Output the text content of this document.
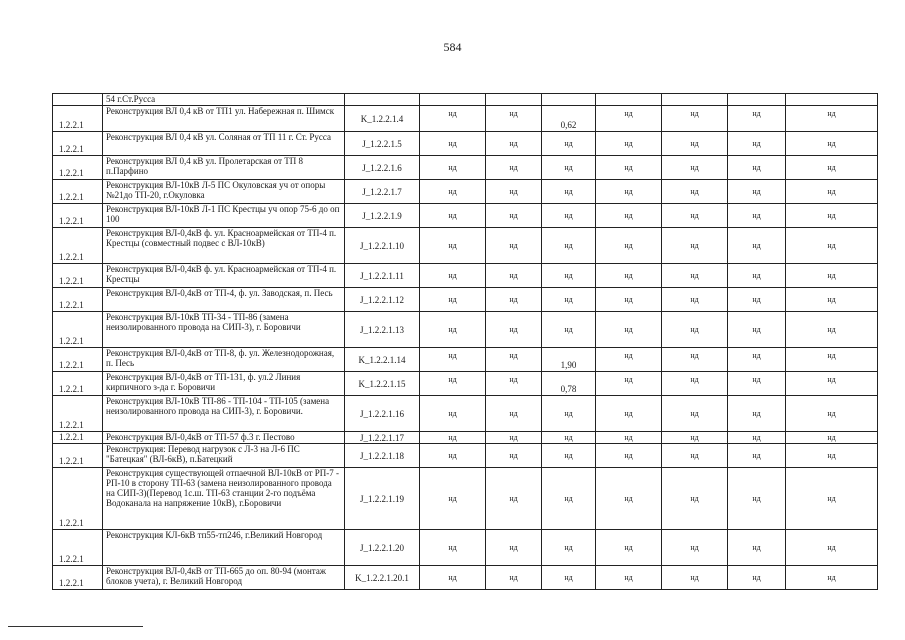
584
	54 г.Ст.Русса								
1.2.2.1	Реконструкция ВЛ 0,4 кВ от ТП1 ул. Набережная п. Шимск	K_1.2.2.1.4	нд	нд	0,62	нд	нд	нд	нд
1.2.2.1	Реконструкция ВЛ 0,4 кВ ул. Соляная от ТП 11 г. Ст. Русса	J_1.2.2.1.5	нд	нд	нд	нд	нд	нд	нд
1.2.2.1	Реконструкция ВЛ 0,4 кВ ул. Пролетарская от ТП 8 п.Парфино	J_1.2.2.1.6	нд	нд	нд	нд	нд	нд	нд
1.2.2.1	Реконструкция ВЛ-10кВ Л-5 ПС Окуловская уч от опоры №21до ТП-20, г.Окуловка	J_1.2.2.1.7	нд	нд	нд	нд	нд	нд	нд
1.2.2.1	Реконструкция ВЛ-10кВ Л-1 ПС Крестцы уч опор 75-6 до оп 100	J_1.2.2.1.9	нд	нд	нд	нд	нд	нд	нд
1.2.2.1	Реконструкция ВЛ-0,4кВ ф. ул. Красноармейская от ТП-4 п. Крестцы (совместный подвес с ВЛ-10кВ)	J_1.2.2.1.10	нд	нд	нд	нд	нд	нд	нд
1.2.2.1	Реконструкция ВЛ-0,4кВ ф. ул. Красноармейская от ТП-4 п. Крестцы	J_1.2.2.1.11	нд	нд	нд	нд	нд	нд	нд
1.2.2.1	Реконструкция ВЛ-0,4кВ от ТП-4, ф. ул. Заводская, п. Песь	J_1.2.2.1.12	нд	нд	нд	нд	нд	нд	нд
1.2.2.1	Реконструкция ВЛ-10кВ ТП-34 - ТП-86 (замена неизолированного провода на СИП-3), г. Боровичи	J_1.2.2.1.13	нд	нд	нд	нд	нд	нд	нд
1.2.2.1	Реконструкция ВЛ-0,4кВ от ТП-8, ф. ул. Железнодорожная, п. Песь	K_1.2.2.1.14	нд	нд	1,90	нд	нд	нд	нд
1.2.2.1	Реконструкция ВЛ-0,4кВ от ТП-131, ф. ул.2 Линия кирпичного з-да г. Боровичи	K_1.2.2.1.15	нд	нд	0,78	нд	нд	нд	нд
1.2.2.1	Реконструкция ВЛ-10кВ ТП-86 - ТП-104 - ТП-105 (замена неизолированного провода на СИП-3), г. Боровичи.	J_1.2.2.1.16	нд	нд	нд	нд	нд	нд	нд
1.2.2.1	Реконструкция ВЛ-0,4кВ от ТП-57 ф.3 г. Пестово	J_1.2.2.1.17	нд	нд	нд	нд	нд	нд	нд
1.2.2.1	Реконструкция: Перевод нагрузок с Л-3 на Л-6 ПС "Батецкая" (ВЛ-6кВ), п.Батецкий	J_1.2.2.1.18	нд	нд	нд	нд	нд	нд	нд
1.2.2.1	Реконструкция существующей отпаечной ВЛ-10кВ от РП-7 - РП-10 в сторону ТП-63 (замена неизолированного провода на СИП-3)(Перевод 1с.ш. ТП-63 станции 2-го подъёма Водоканала на напряжение 10кВ), г.Боровичи	J_1.2.2.1.19	нд	нд	нд	нд	нд	нд	нд
1.2.2.1	Реконструкция КЛ-6кВ тп55-тп246, г.Великий Новгород	J_1.2.2.1.20	нд	нд	нд	нд	нд	нд	нд
1.2.2.1	Реконструкция ВЛ-0,4кВ от ТП-665 до оп. 80-94 (монтаж блоков учета), г. Великий Новгород	K_1.2.2.1.20.1	нд	нд	нд	нд	нд	нд	нд
